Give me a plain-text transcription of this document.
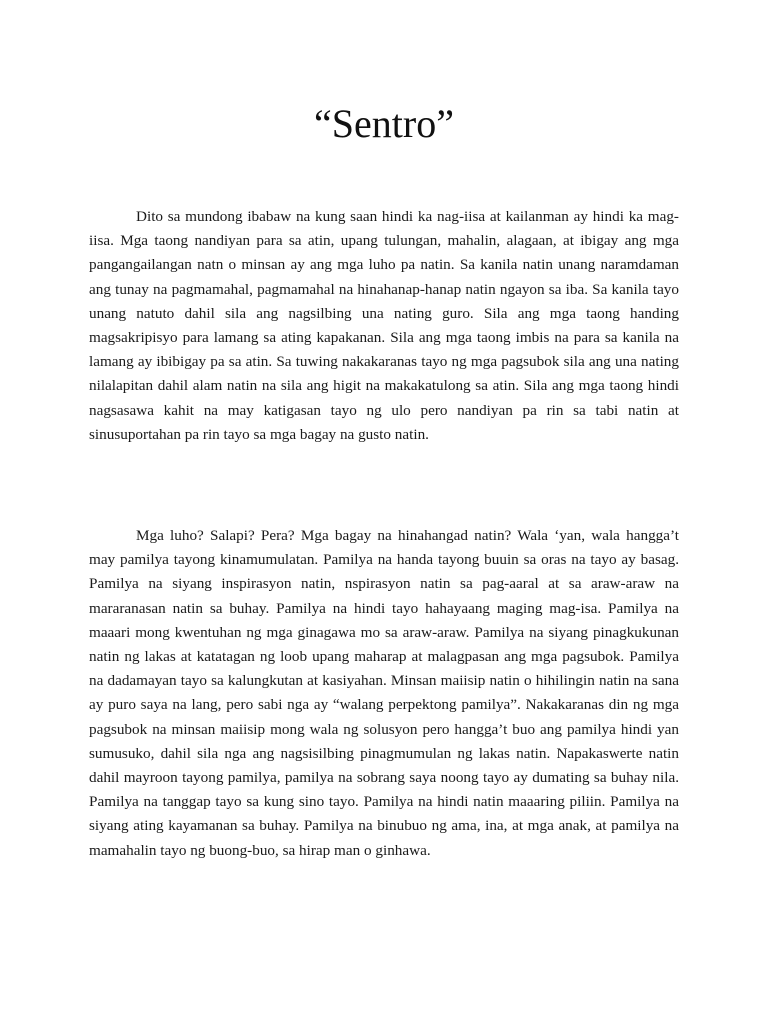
“Sentro”

Dito sa mundong ibabaw na kung saan hindi ka nag-iisa at kailanman ay hindi ka mag-iisa. Mga taong nandiyan para sa atin, upang tulungan, mahalin, alagaan, at ibigay ang mga pangangailangan natn o minsan ay ang mga luho pa natin. Sa kanila natin unang naramdaman ang tunay na pagmamahal, pagmamahal na hinahanap-hanap natin ngayon sa iba. Sa kanila tayo unang natuto dahil sila ang nagsilbing una nating guro. Sila ang mga taong handing magsakripisyo para lamang sa ating kapakanan. Sila ang mga taong imbis na para sa kanila na lamang ay ibibigay pa sa atin. Sa tuwing nakakaranas tayo ng mga pagsubok sila ang una nating nilalapitan dahil alam natin na sila ang higit na makakatulong sa atin. Sila ang mga taong hindi nagsasawa kahit na may katigasan tayo ng ulo pero nandiyan pa rin sa tabi natin at sinusuportahan pa rin tayo sa mga bagay na gusto natin.

Mga luho? Salapi? Pera? Mga bagay na hinahangad natin? Wala ‘yan, wala hangga’t may pamilya tayong kinamumulatan. Pamilya na handa tayong buuin sa oras na tayo ay basag. Pamilya na siyang inspirasyon natin, nspirasyon natin sa pag-aaral at sa araw-araw na mararanasan natin sa buhay. Pamilya na hindi tayo hahayaang maging mag-isa. Pamilya na maaari mong kwentuhan ng mga ginagawa mo sa araw-araw. Pamilya na siyang pinagkukunan natin ng lakas at katatagan ng loob upang maharap at malagpasan ang mga pagsubok. Pamilya na dadamayan tayo sa kalungkutan at kasiyahan. Minsan maiisip natin o hihilingin natin na sana ay puro saya na lang, pero sabi nga ay “walang perpektong pamilya”. Nakakaranas din ng mga pagsubok na minsan maiisip mong wala ng solusyon pero hangga’t buo ang pamilya hindi yan sumusuko, dahil sila nga ang nagsisilbing pinagmumulan ng lakas natin. Napakaswerte natin dahil mayroon tayong pamilya, pamilya na sobrang saya noong tayo ay dumating sa buhay nila. Pamilya na tanggap tayo sa kung sino tayo. Pamilya na hindi natin maaaring piliin. Pamilya na siyang ating kayamanan sa buhay. Pamilya na binubuo ng ama, ina, at mga anak, at pamilya na mamahalin tayo ng buong-buo, sa hirap man o ginhawa.
